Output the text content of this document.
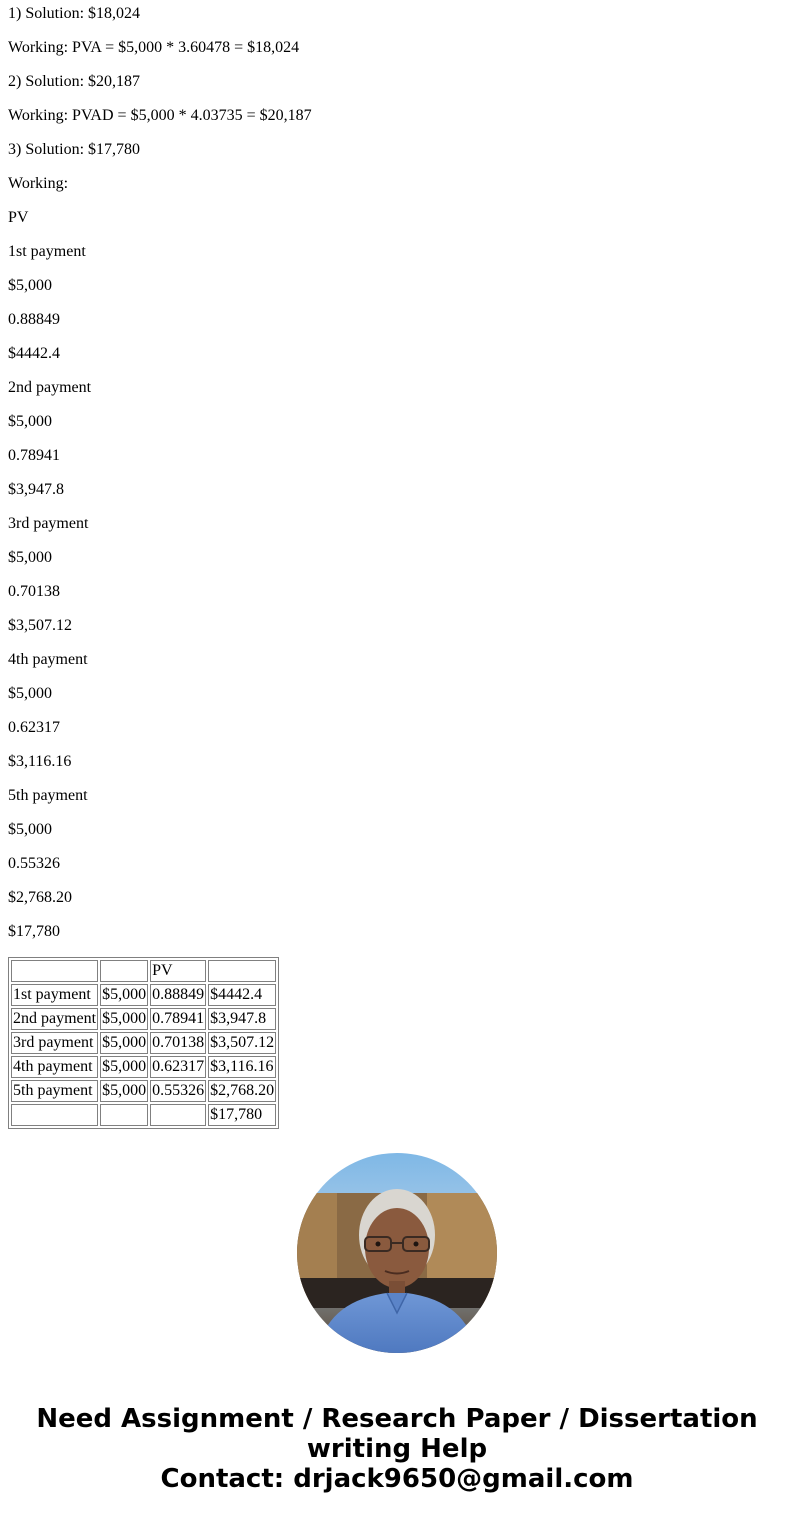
1) Solution: $18,024

Working: PVA = $5,000 * 3.60478 = $18,024

2) Solution: $20,187

Working: PVAD = $5,000 * 4.03735 = $20,187

3) Solution: $17,780

Working:

PV

1st payment

$5,000

0.88849

$4442.4

2nd payment

$5,000

0.78941

$3,947.8

3rd payment

$5,000

0.70138

$3,507.12

4th payment

$5,000

0.62317

$3,116.16

5th payment

$5,000

0.55326

$2,768.20

$17,780

		PV	
1st payment	$5,000	0.88849	$4442.4
2nd payment	$5,000	0.78941	$3,947.8
3rd payment	$5,000	0.70138	$3,507.12
4th payment	$5,000	0.62317	$3,116.16
5th payment	$5,000	0.55326	$2,768.20
			$17,780
Need Assignment / Research Paper / Dissertation
writing Help
Contact: drjack9650@gmail.com
